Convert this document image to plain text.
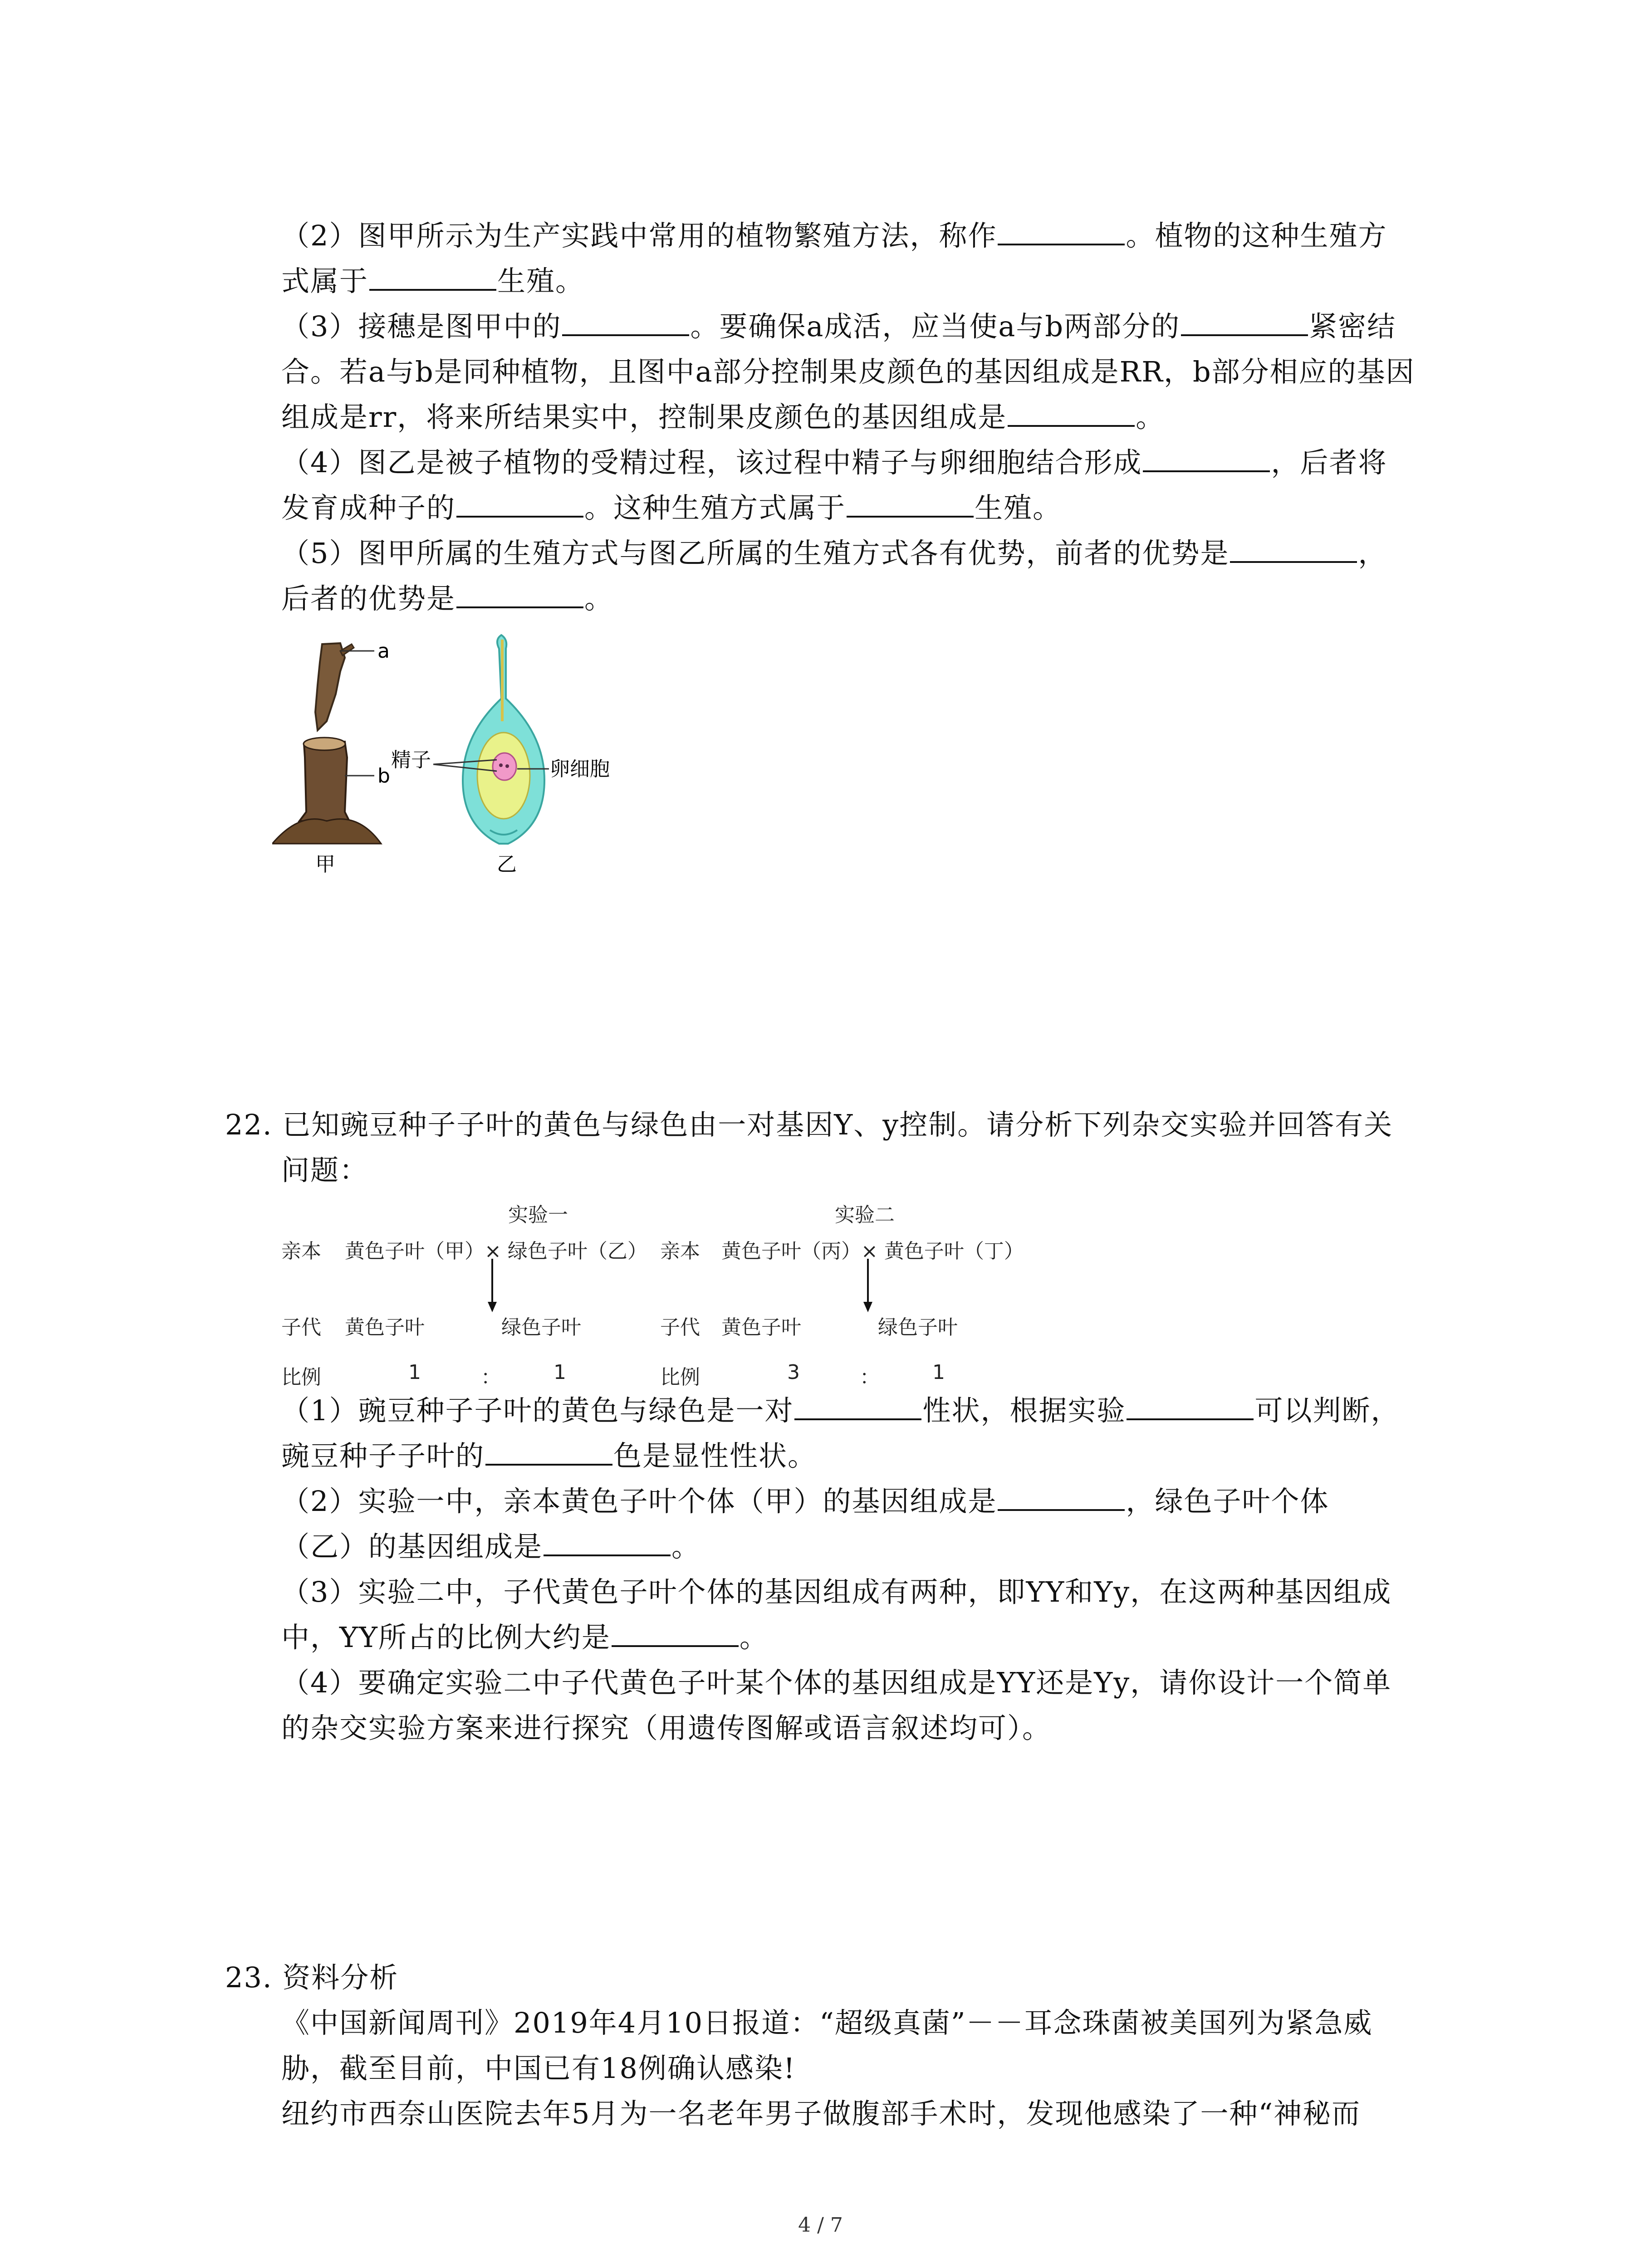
（2）图甲所示为生产实践中常用的植物繁殖方法，称作	。植物的这种生殖方
式属于	生殖。
（3）接穗是图甲中的	。要确保a成活，应当使a与b两部分的	紧密结
合。若a与b是同种植物，且图中a部分控制果皮颜色的基因组成是RR，b部分相应的基因
组成是rr，将来所结果实中，控制果皮颜色的基因组成是	。
（4）图乙是被子植物的受精过程，该过程中精子与卵细胞结合形成	，后者将
发育成种子的	。这种生殖方式属于	生殖。
（5）图甲所属的生殖方式与图乙所属的生殖方式各有优势，前者的优势是	，
后者的优势是	。
a
b
甲
精子	卵细胞
乙
22. 已知豌豆种子子叶的黄色与绿色由一对基因Y、y控制。请分析下列杂交实验并回答有关
问题：
实验一
亲本 黄色子叶（甲）× 绿色子叶（乙）
子代 黄色子叶	绿色子叶
比例	1	：	1
实验二
亲本 黄色子叶（丙）× 黄色子叶（丁）
子代 黄色子叶	绿色子叶
比例	3	：	1
（1）豌豆种子子叶的黄色与绿色是一对	性状，根据实验	可以判断，
豌豆种子子叶的	色是显性性状。
（2）实验一中，亲本黄色子叶个体（甲）的基因组成是	，绿色子叶个体
（乙）的基因组成是	。
（3）实验二中，子代黄色子叶个体的基因组成有两种，即YY和Yy，在这两种基因组成
中，YY所占的比例大约是	。
（4）要确定实验二中子代黄色子叶某个体的基因组成是YY还是Yy，请你设计一个简单
的杂交实验方案来进行探究（用遗传图解或语言叙述均可）。
23. 资料分析
《中国新闻周刊》2019年4月10日报道：“超级真菌”－－耳念珠菌被美国列为紧急威
胁，截至目前，中国已有18例确认感染!
纽约市西奈山医院去年5月为一名老年男子做腹部手术时，发现他感染了一种“神秘而
4 / 7
